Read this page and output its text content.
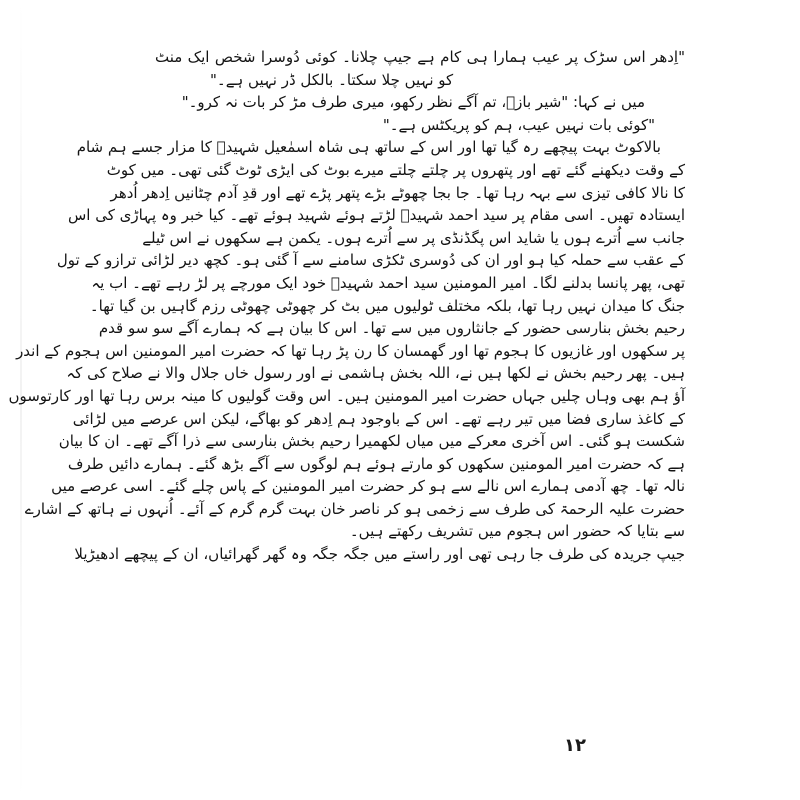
"اِدھر اس سڑک پر عیب ہمارا ہی کام ہے جیپ چلانا۔ کوئی دُوسرا شخص ایک منٹ
کو نہیں چلا سکتا۔ بالکل ڈر نہیں ہے۔"
میں نے کہا: "شیر بازؔ، تم آگے نظر رکھو، میری طرف مڑ کر بات نہ کرو۔"
"کوئی بات نہیں عیب، ہم کو پریکٹس ہے۔"
بالاکوٹ بہت پیچھے رہ گیا تھا اور اس کے ساتھ ہی شاہ اسمٰعیل شہیدؒ کا مزار جسے ہم شام
کے وقت دیکھنے گئے تھے اور پتھروں پر چلتے چلتے میرے بوٹ کی ایڑی ٹوٹ گئی تھی۔ میں کوٹ
کا نالا کافی تیزی سے بہہ رہا تھا۔ جا بجا چھوٹے بڑے پتھر پڑے تھے اور قدِ آدم چٹانیں اِدھر اُدھر
ایستادہ تھیں۔ اسی مقام پر سید احمد شہیدؒ لڑتے ہوئے شہید ہوئے تھے۔ کیا خبر وہ پہاڑی کی اس
جانب سے اُترے ہوں یا شاید اس پگڈنڈی پر سے اُترے ہوں۔ یکمن ہے سکھوں نے اس ٹیلے
کے عقب سے حملہ کیا ہو اور ان کی دُوسری ٹکڑی سامنے سے آ گئی ہو۔ کچھ دیر لڑائی ترازو کے تول
تھی، پھر پانسا بدلنے لگا۔ امیر المومنین سید احمد شہیدؒ خود ایک مورچے پر لڑ رہے تھے۔ اب یہ
جنگ کا میدان نہیں رہا تھا، بلکہ مختلف ٹولیوں میں بٹ کر چھوٹی چھوٹی رزم گاہیں بن گیا تھا۔
رحیم بخش بنارسی حضور کے جانثاروں میں سے تھا۔ اس کا بیان ہے کہ ہمارے آگے سو سو قدم
پر سکھوں اور غازیوں کا ہجوم تھا اور گھمسان کا رن پڑ رہا تھا کہ حضرت امیر المومنین اس ہجوم کے اندر
ہیں۔ پھر رحیم بخش نے لکھا ہیں نے، اللہ بخش ہاشمی نے اور رسول خاں جلال والا نے صلاح کی کہ
آؤ ہم بھی وہاں چلیں جہاں حضرت امیر المومنین ہیں۔ اس وقت گولیوں کا مینہ برس رہا تھا اور کارتوسوں
کے کاغذ ساری فضا میں تیر رہے تھے۔ اس کے باوجود ہم اِدھر کو بھاگے، لیکن اس عرصے میں لڑائی
شکست ہو گئی۔ اس آخری معرکے میں میاں لکھمیرا رحیم بخش بنارسی سے ذرا آگے تھے۔ ان کا بیان
ہے کہ حضرت امیر المومنین سکھوں کو مارتے ہوئے ہم لوگوں سے آگے بڑھ گئے۔ ہمارے دائیں طرف
نالہ تھا۔ چھ آدمی ہمارے اس نالے سے ہو کر حضرت امیر المومنین کے پاس چلے گئے۔ اسی عرصے میں
حضرت علیہ الرحمۃ کی طرف سے زخمی ہو کر ناصر خان بہت گرم گرم کے آئے۔ اُنہوں نے ہاتھ کے اشارے
سے بتایا کہ حضور اس ہجوم میں تشریف رکھتے ہیں۔
جیپ جریدہ کی طرف جا رہی تھی اور راستے میں جگہ جگہ وہ گھر گھرائیاں، ان کے پیچھے ادھیڑیلا
١٢
